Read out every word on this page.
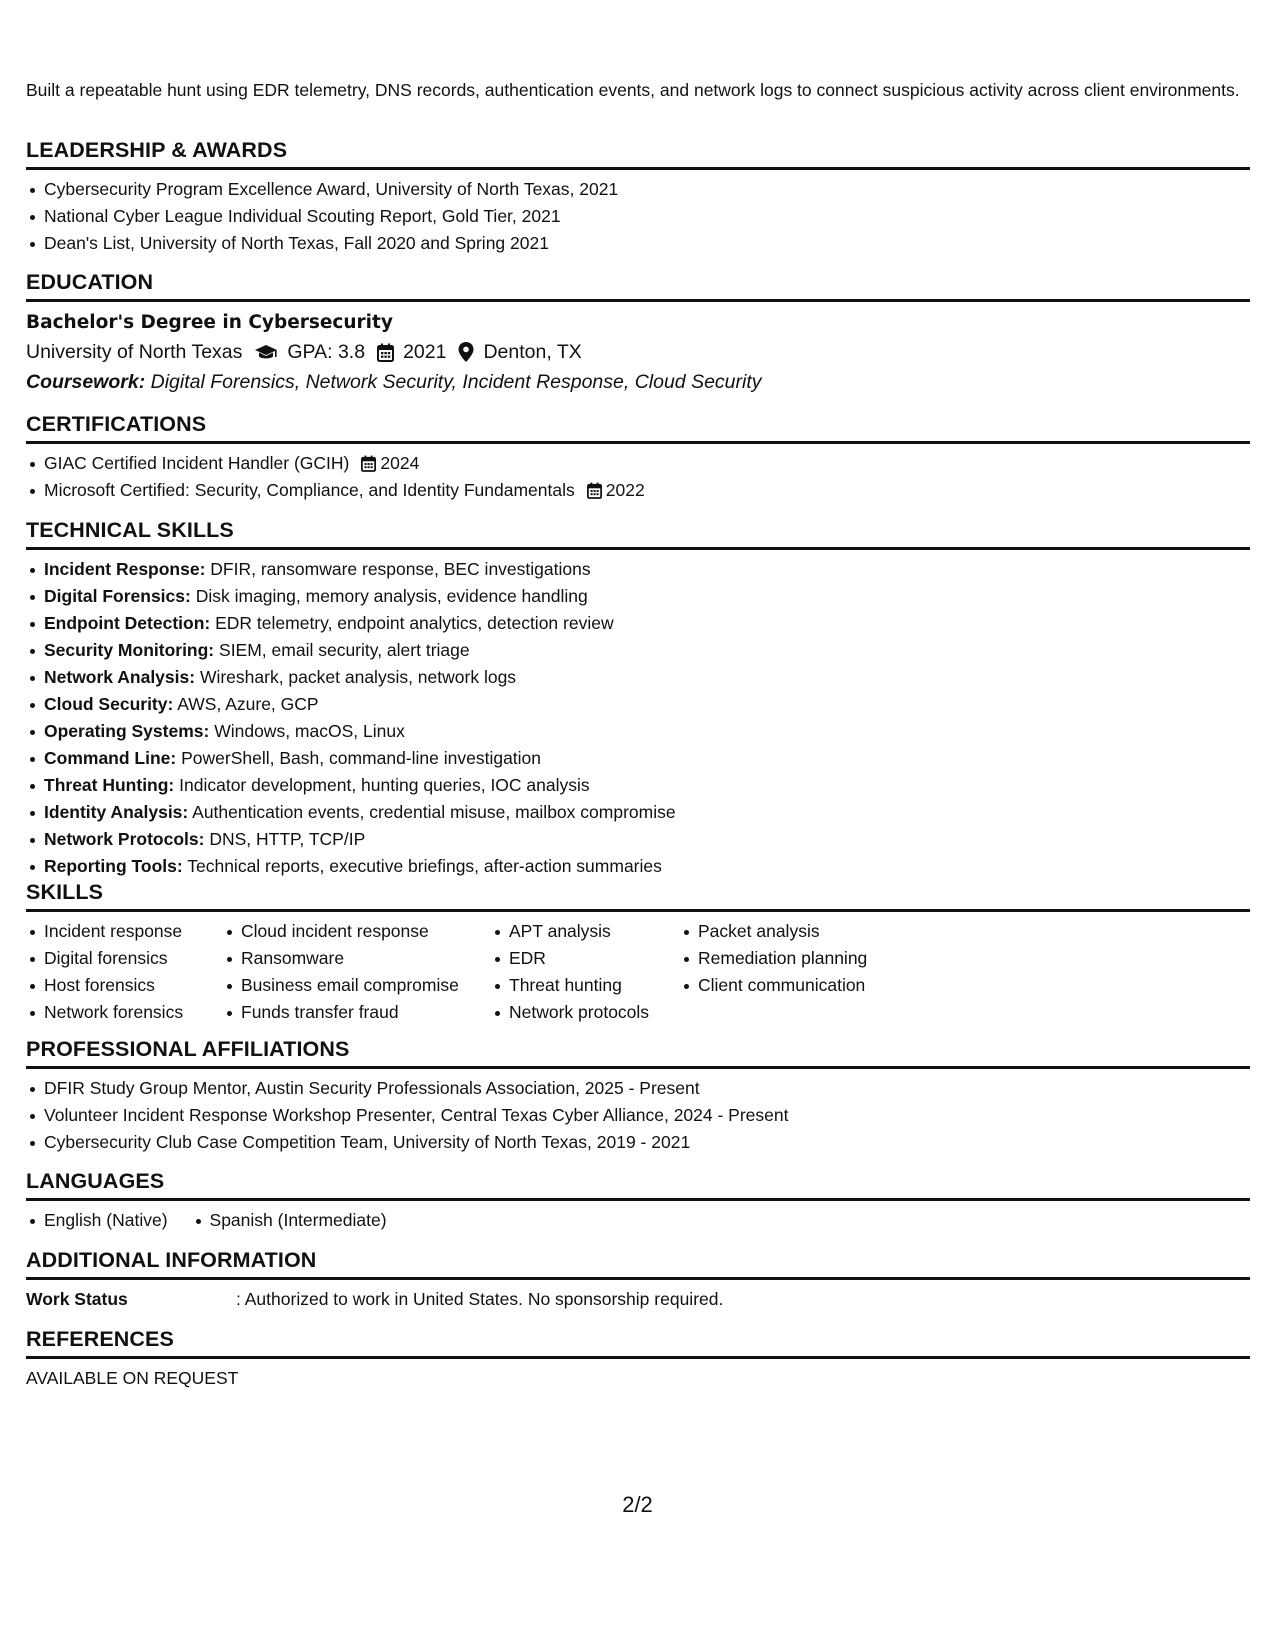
Built a repeatable hunt using EDR telemetry, DNS records, authentication events, and network logs to connect suspicious activity across client environments.
LEADERSHIP & AWARDS
Cybersecurity Program Excellence Award, University of North Texas, 2021
National Cyber League Individual Scouting Report, Gold Tier, 2021
Dean's List, University of North Texas, Fall 2020 and Spring 2021
EDUCATION
Bachelor's Degree in Cybersecurity
University of North Texas GPA: 3.8 2021 Denton, TX
Coursework: Digital Forensics, Network Security, Incident Response, Cloud Security
CERTIFICATIONS
GIAC Certified Incident Handler (GCIH) 2024
Microsoft Certified: Security, Compliance, and Identity Fundamentals 2022
TECHNICAL SKILLS
Incident Response: DFIR, ransomware response, BEC investigations
Digital Forensics: Disk imaging, memory analysis, evidence handling
Endpoint Detection: EDR telemetry, endpoint analytics, detection review
Security Monitoring: SIEM, email security, alert triage
Network Analysis: Wireshark, packet analysis, network logs
Cloud Security: AWS, Azure, GCP
Operating Systems: Windows, macOS, Linux
Command Line: PowerShell, Bash, command-line investigation
Threat Hunting: Indicator development, hunting queries, IOC analysis
Identity Analysis: Authentication events, credential misuse, mailbox compromise
Network Protocols: DNS, HTTP, TCP/IP
Reporting Tools: Technical reports, executive briefings, after-action summaries
SKILLS
Incident response
Digital forensics
Host forensics
Network forensics
Cloud incident response
Ransomware
Business email compromise
Funds transfer fraud
APT analysis
EDR
Threat hunting
Network protocols
Packet analysis
Remediation planning
Client communication
PROFESSIONAL AFFILIATIONS
DFIR Study Group Mentor, Austin Security Professionals Association, 2025 - Present
Volunteer Incident Response Workshop Presenter, Central Texas Cyber Alliance, 2024 - Present
Cybersecurity Club Case Competition Team, University of North Texas, 2019 - 2021
LANGUAGES
English (Native)	Spanish (Intermediate)
ADDITIONAL INFORMATION
Work Status	: Authorized to work in United States. No sponsorship required.
REFERENCES
AVAILABLE ON REQUEST
2/2
